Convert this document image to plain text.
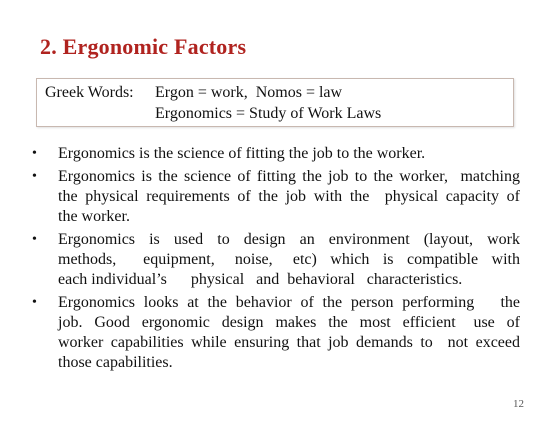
2. Ergonomic Factors
Greek Words: Ergon = work,  Nomos = law
Ergonomics = Study of Work Laws
• Ergonomics is the science of fitting the job to the worker.
• Ergonomics is the science of fitting the job to the worker,  matching
the physical requirements of the job with the  physical capacity of
the worker.
• Ergonomics  is  used  to  design  an  environment  (layout,  work
methods,    equipment,   noise,   etc)  which  is  compatible  with
each individual’s      physical   and  behavioral   characteristics.
• Ergonomics looks at the behavior of the person performing   the
job.  Good  ergonomic  design  makes  the  most  efficient   use  of
worker capabilities while ensuring that job demands to  not exceed
those capabilities.
12
